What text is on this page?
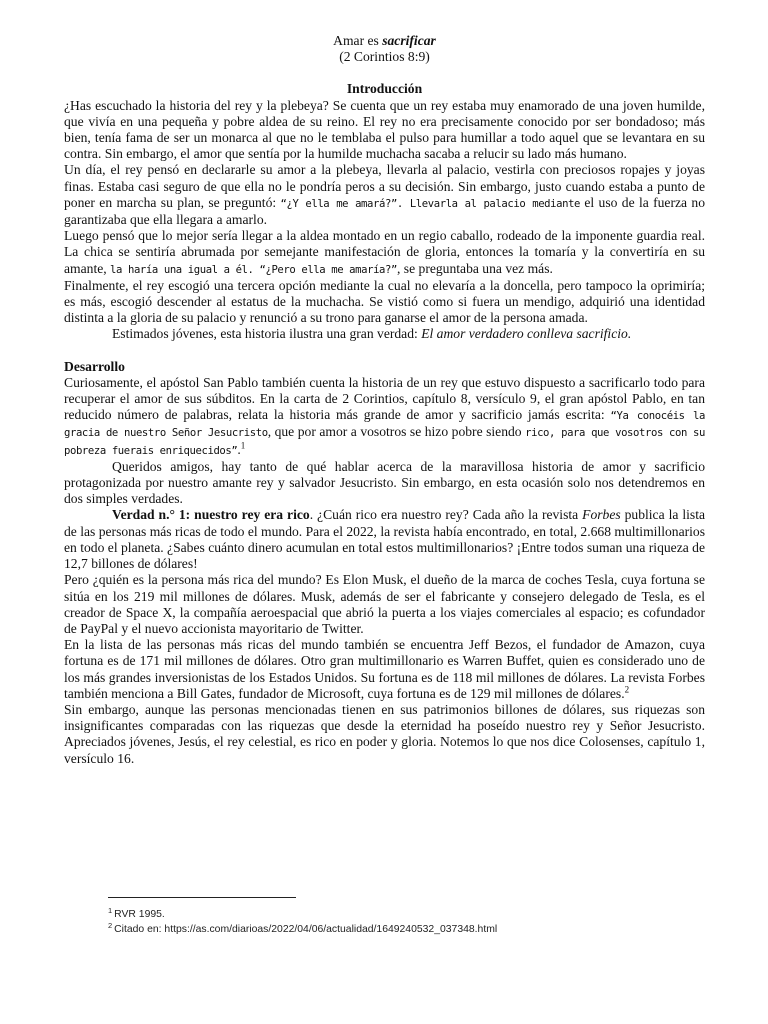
Amar es sacrificar
(2 Corintios 8:9)
Introducción

¿Has escuchado la historia del rey y la plebeya? Se cuenta que un rey estaba muy enamorado de una joven humilde, que vivía en una pequeña y pobre aldea de su reino. El rey no era precisamente conocido por ser bondadoso; más bien, tenía fama de ser un monarca al que no le temblaba el pulso para humillar a todo aquel que se levantara en su contra. Sin embargo, el amor que sentía por la humilde muchacha sacaba a relucir su lado más humano.

Un día, el rey pensó en declararle su amor a la plebeya, llevarla al palacio, vestirla con preciosos ropajes y joyas finas. Estaba casi seguro de que ella no le pondría peros a su decisión. Sin embargo, justo cuando estaba a punto de poner en marcha su plan, se preguntó: “¿Y ella me amará?”. Llevarla al palacio mediante el uso de la fuerza no garantizaba que ella llegara a amarlo.

Luego pensó que lo mejor sería llegar a la aldea montado en un regio caballo, rodeado de la imponente guardia real. La chica se sentiría abrumada por semejante manifestación de gloria, entonces la tomaría y la convertiría en su amante, la haría una igual a él. “¿Pero ella me amaría?”, se preguntaba una vez más.

Finalmente, el rey escogió una tercera opción mediante la cual no elevaría a la doncella, pero tampoco la oprimiría; es más, escogió descender al estatus de la muchacha. Se vistió como si fuera un mendigo, adquirió una identidad distinta a la gloria de su palacio y renunció a su trono para ganarse el amor de la persona amada.

Estimados jóvenes, esta historia ilustra una gran verdad: El amor verdadero conlleva sacrificio.

Desarrollo

Curiosamente, el apóstol San Pablo también cuenta la historia de un rey que estuvo dispuesto a sacrificarlo todo para recuperar el amor de sus súbditos. En la carta de 2 Corintios, capítulo 8, versículo 9, el gran apóstol Pablo, en tan reducido número de palabras, relata la historia más grande de amor y sacrificio jamás escrita: “Ya conocéis la gracia de nuestro Señor Jesucristo, que por amor a vosotros se hizo pobre siendo rico, para que vosotros con su pobreza fuerais enriquecidos”.$^1$

Queridos amigos, hay tanto de qué hablar acerca de la maravillosa historia de amor y sacrificio protagonizada por nuestro amante rey y salvador Jesucristo. Sin embargo, en esta ocasión solo nos detendremos en dos simples verdades.

Verdad n.° 1: nuestro rey era rico. ¿Cuán rico era nuestro rey? Cada año la revista Forbes publica la lista de las personas más ricas de todo el mundo. Para el 2022, la revista había encontrado, en total, 2.668 multimillonarios en todo el planeta. ¿Sabes cuánto dinero acumulan en total estos multimillonarios? ¡Entre todos suman una riqueza de 12,7 billones de dólares!

Pero ¿quién es la persona más rica del mundo? Es Elon Musk, el dueño de la marca de coches Tesla, cuya fortuna se sitúa en los 219 mil millones de dólares. Musk, además de ser el fabricante y consejero delegado de Tesla, es el creador de Space X, la compañía aeroespacial que abrió la puerta a los viajes comerciales al espacio; es cofundador de PayPal y el nuevo accionista mayoritario de Twitter.

En la lista de las personas más ricas del mundo también se encuentra Jeff Bezos, el fundador de Amazon, cuya fortuna es de 171 mil millones de dólares. Otro gran multimillonario es Warren Buffet, quien es considerado uno de los más grandes inversionistas de los Estados Unidos. Su fortuna es de 118 mil millones de dólares. La revista Forbes también menciona a Bill Gates, fundador de Microsoft, cuya fortuna es de 129 mil millones de dólares.$^2$

Sin embargo, aunque las personas mencionadas tienen en sus patrimonios billones de dólares, sus riquezas son insignificantes comparadas con las riquezas que desde la eternidad ha poseído nuestro rey y Señor Jesucristo. Apreciados jóvenes, Jesús, el rey celestial, es rico en poder y gloria. Notemos lo que nos dice Colosenses, capítulo 1, versículo 16.

$^1$ RVR 1995.
$^2$ Citado en: https://as.com/diarioas/2022/04/06/actualidad/1649240532_037348.html
